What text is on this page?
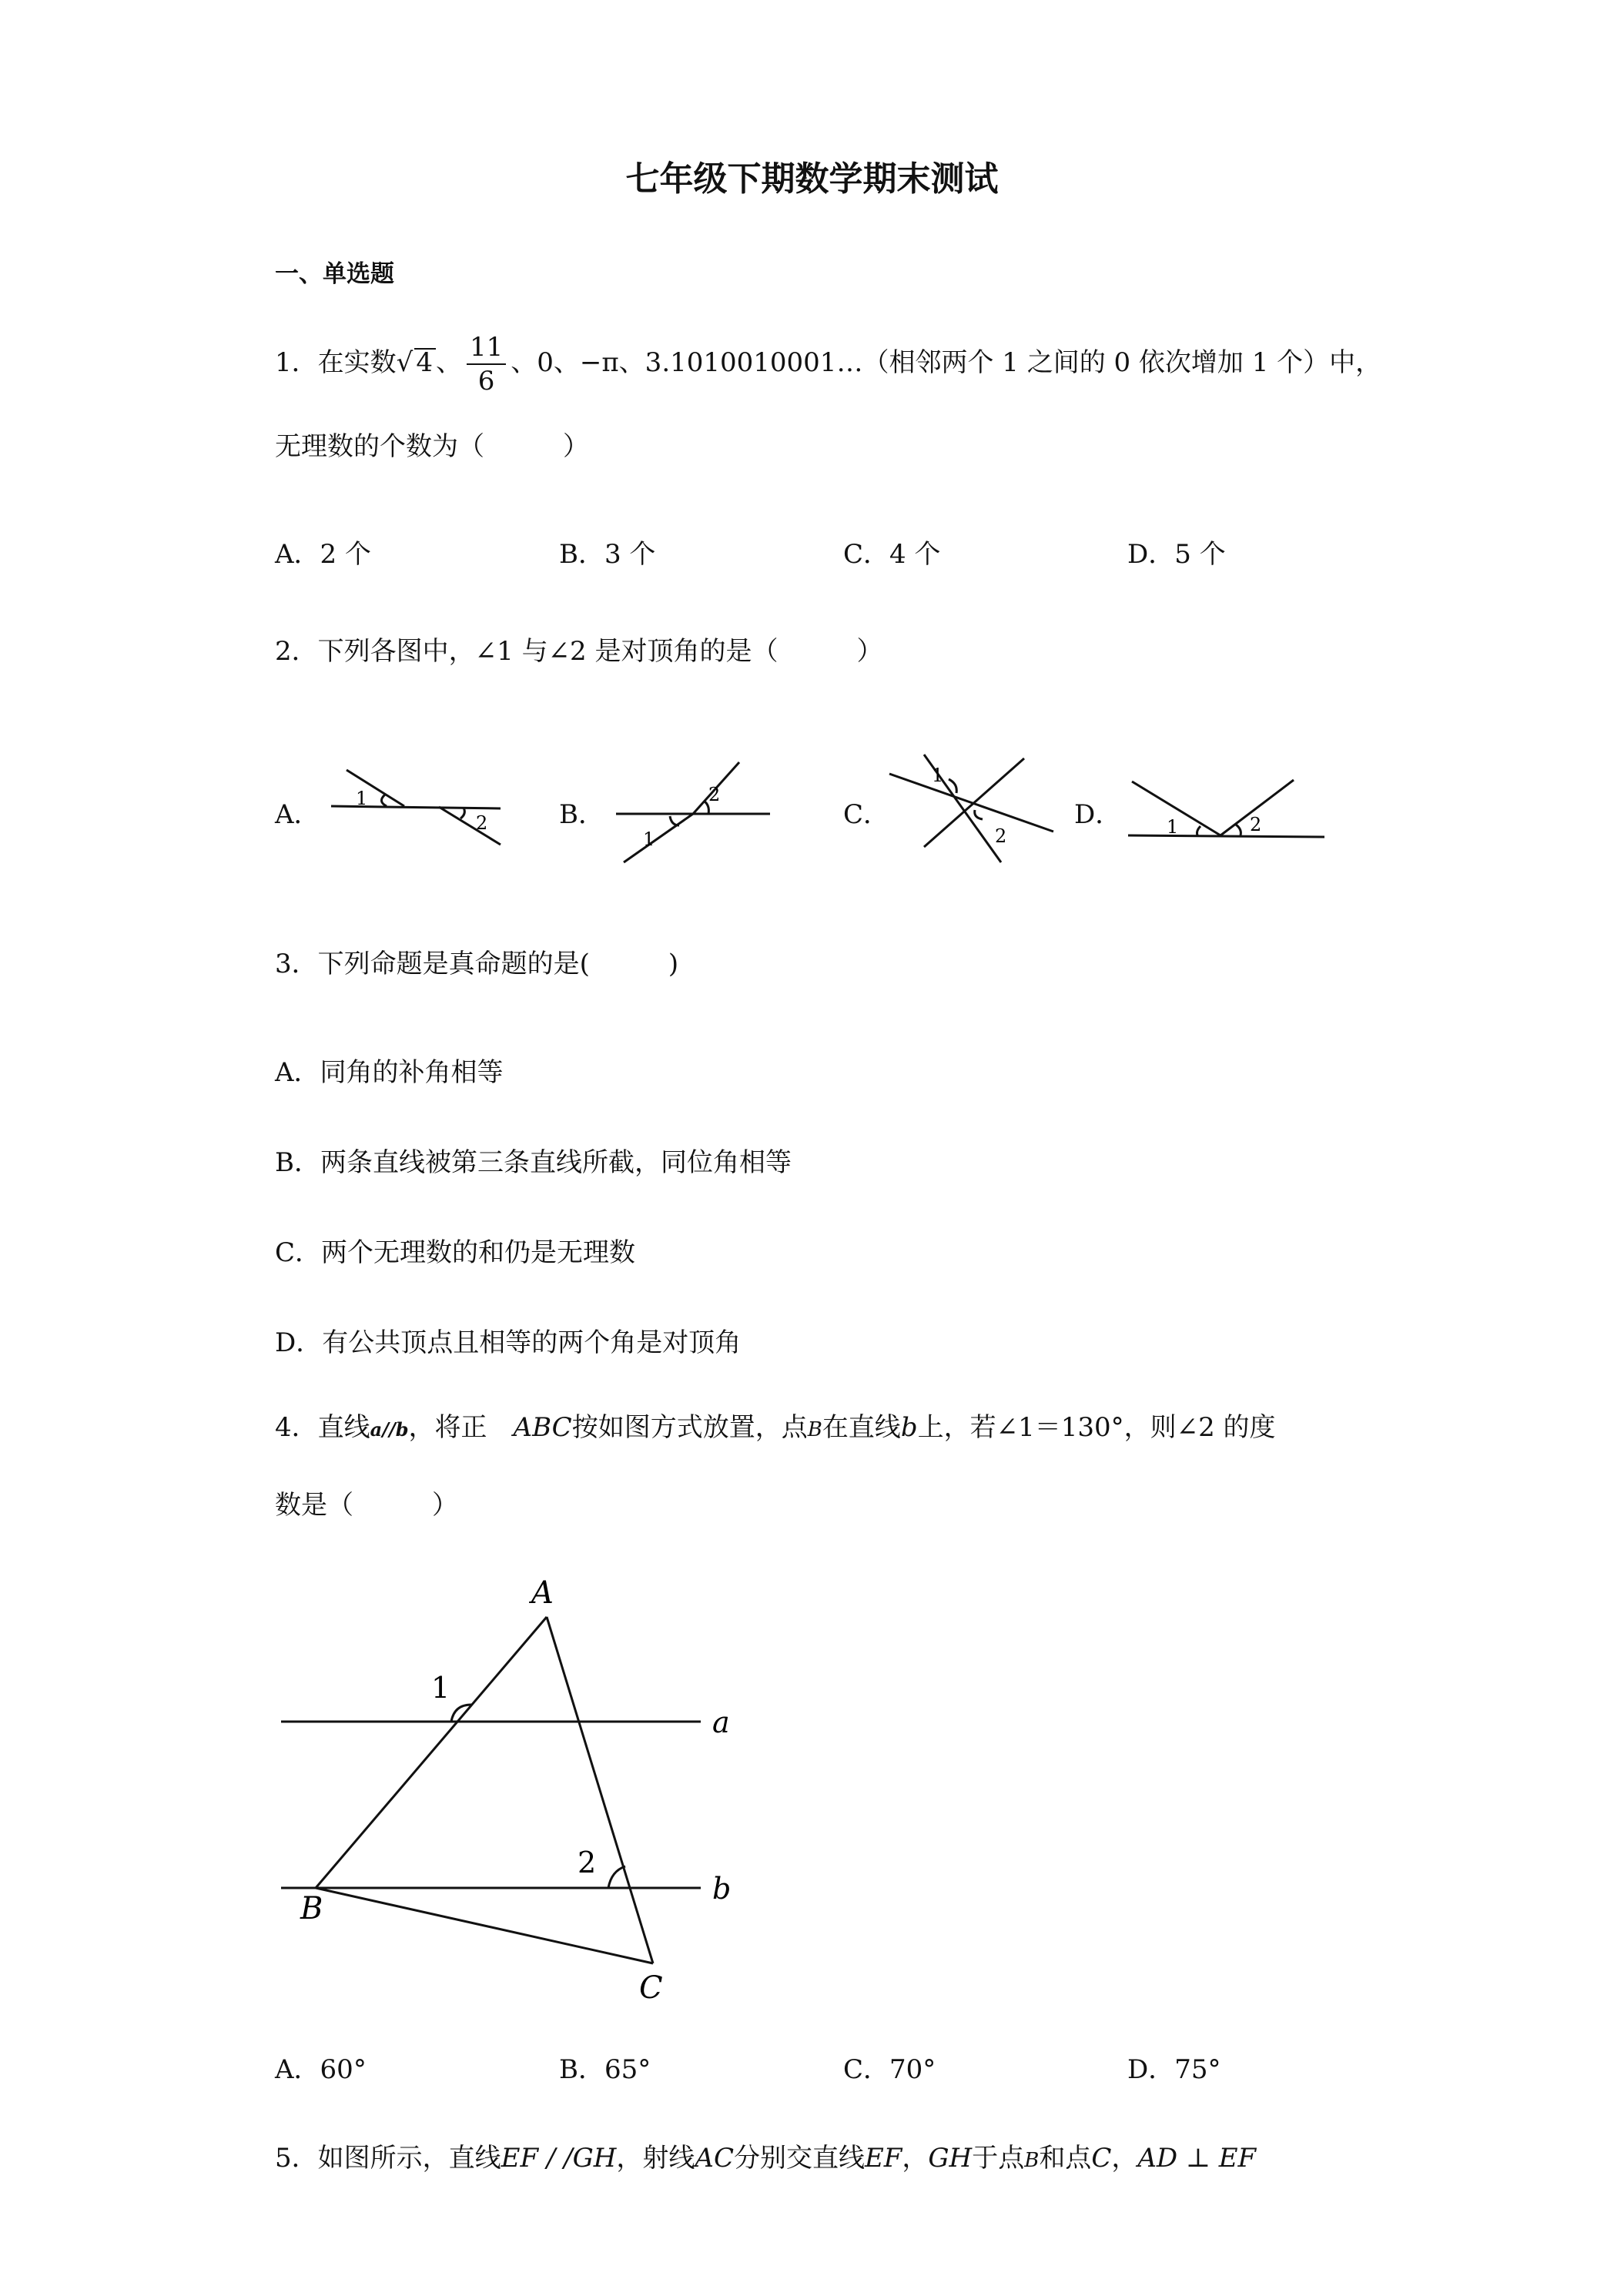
七年级下期数学期末测试
一、单选题
1．在实数√ 4 、 $\frac{11}{6}$ 、0、−π、3.1010010001…（相邻两个 1 之间的 0 依次增加 1 个）中，
无理数的个数为（　　　）
A．2 个	B．3 个	C．4 个	D．5 个
2．下列各图中，∠1 与∠2 是对顶角的是（　　　）
A．	B．	C．	D．
1
2
1
2
1
2	1	2
3．下列命题是真命题的是(　　　)
A．同角的补角相等
B．两条直线被第三条直线所截，同位角相等
C．两个无理数的和仍是无理数
D．有公共顶点且相等的两个角是对顶角
4．直线a//b，将正　ABC按如图方式放置，点B在直线b上，若∠1＝130°，则∠2 的度
数是（　　　）
A
B
C
a
b
1
2
A．60°	B．65°	C．70°	D．75°
5．如图所示，直线EF / /GH，射线AC分别交直线EF，GH于点B和点C，AD ⊥ EF
